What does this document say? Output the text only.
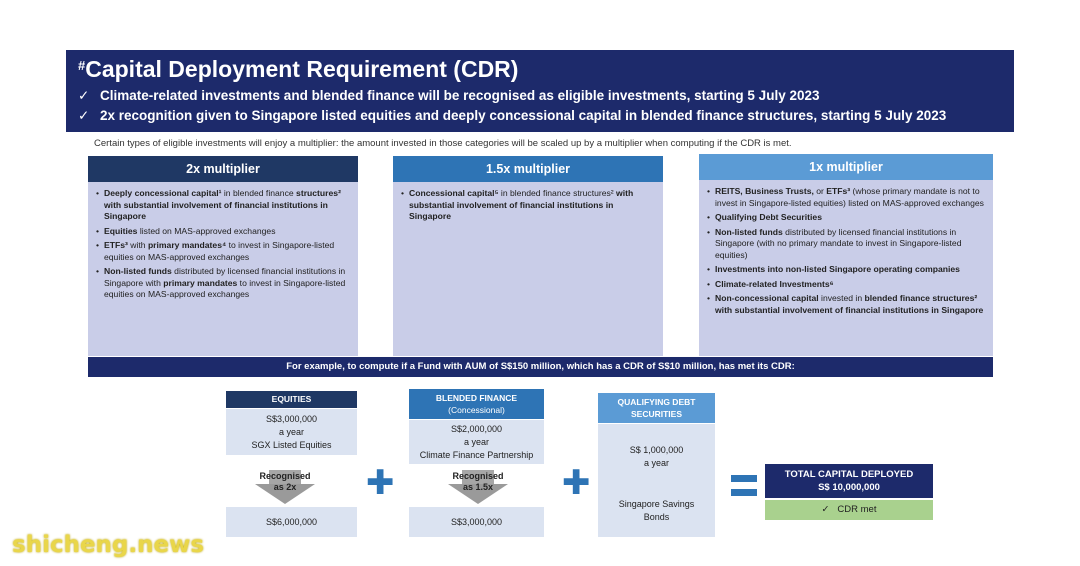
#Capital Deployment Requirement (CDR)
✓ Climate-related investments and blended finance will be recognised as eligible investments, starting 5 July 2023
✓ 2x recognition given to Singapore listed equities and deeply concessional capital in blended finance structures, starting 5 July 2023
Certain types of eligible investments will enjoy a multiplier: the amount invested in those categories will be scaled up by a multiplier when computing if the CDR is met.
2x multiplier
• Deeply concessional capital¹ in blended finance structures² with substantial involvement of financial institutions in Singapore
• Equities listed on MAS-approved exchanges
• ETFs³ with primary mandates⁴ to invest in Singapore-listed equities on MAS-approved exchanges
• Non-listed funds distributed by licensed financial institutions in Singapore with primary mandates to invest in Singapore-listed equities on MAS-approved exchanges
1.5x multiplier
• Concessional capital⁵ in blended finance structures² with substantial involvement of financial institutions in Singapore
1x multiplier
• REITS, Business Trusts, or ETFs³ (whose primary mandate is not to invest in Singapore-listed equities) listed on MAS-approved exchanges
• Qualifying Debt Securities
• Non-listed funds distributed by licensed financial institutions in Singapore (with no primary mandate to invest in Singapore-listed equities)
• Investments into non-listed Singapore operating companies
• Climate-related Investments⁶
• Non-concessional capital invested in blended finance structures² with substantial involvement of financial institutions in Singapore
For example, to compute if a Fund with AUM of S$150 million, which has a CDR of S$10 million, has met its CDR:
EQUITIES
S$3,000,000
a year
SGX Listed Equities
Recognised
as 2x
S$6,000,000
✚
BLENDED FINANCE
(Concessional)
S$2,000,000
a year
Climate Finance Partnership
Recognised
as 1.5x
S$3,000,000
✚
QUALIFYING DEBT
SECURITIES
S$ 1,000,000
a year
Singapore Savings
Bonds
TOTAL CAPITAL DEPLOYED
S$ 10,000,000
✓ CDR met
shicheng.news
